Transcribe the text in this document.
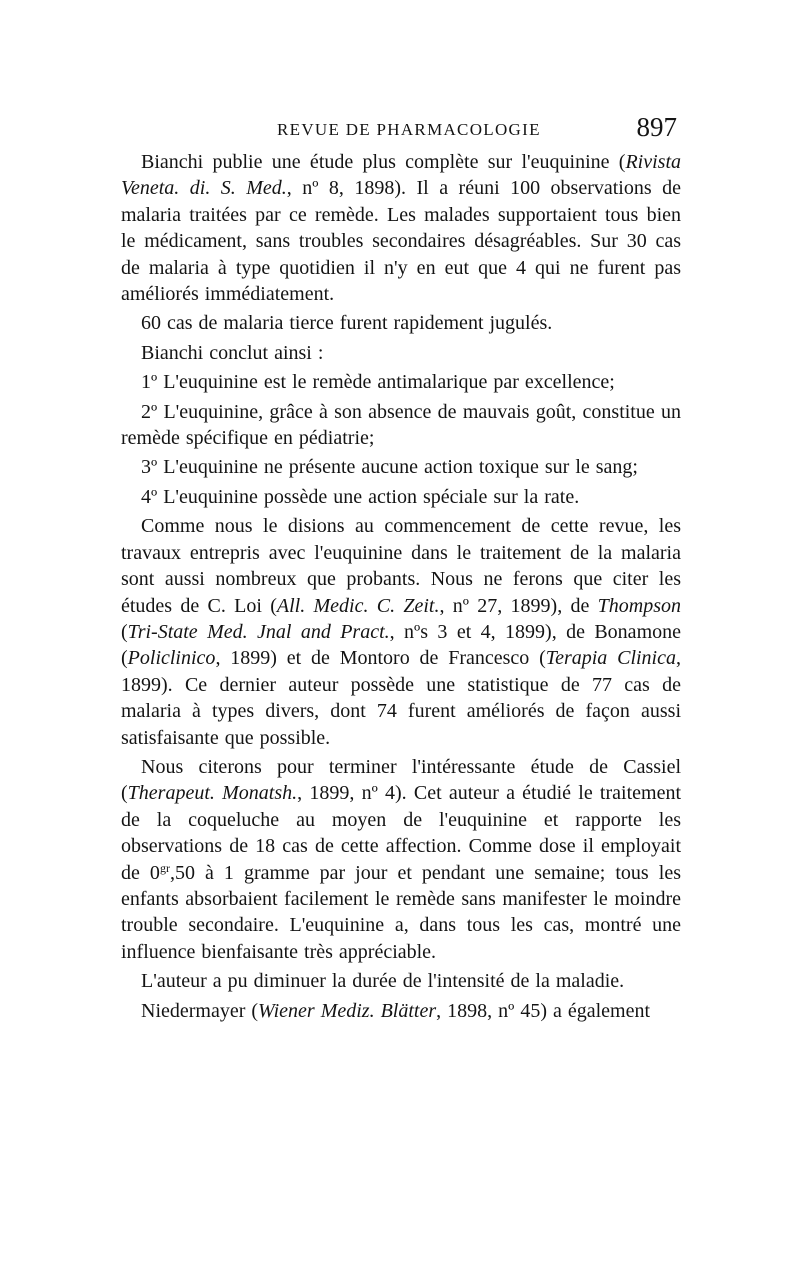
REVUE DE PHARMACOLOGIE	897

Bianchi publie une étude plus complète sur l'euquinine (Rivista Veneta. di. S. Med., nº 8, 1898). Il a réuni 100 observations de malaria traitées par ce remède. Les malades supportaient tous bien le médicament, sans troubles secondaires désagréables. Sur 30 cas de malaria à type quotidien il n'y en eut que 4 qui ne furent pas améliorés immédiatement.

60 cas de malaria tierce furent rapidement jugulés.

Bianchi conclut ainsi :

1º L'euquinine est le remède antimalarique par excellence;

2º L'euquinine, grâce à son absence de mauvais goût, constitue un remède spécifique en pédiatrie;

3º L'euquinine ne présente aucune action toxique sur le sang;

4º L'euquinine possède une action spéciale sur la rate.

Comme nous le disions au commencement de cette revue, les travaux entrepris avec l'euquinine dans le traitement de la malaria sont aussi nombreux que probants. Nous ne ferons que citer les études de C. Loi (All. Medic. C. Zeit., nº 27, 1899), de Thompson (Tri-State Med. Jnal and Pract., nºs 3 et 4, 1899), de Bonamone (Policlinico, 1899) et de Montoro de Francesco (Terapia Clinica, 1899). Ce dernier auteur possède une statistique de 77 cas de malaria à types divers, dont 74 furent améliorés de façon aussi satisfaisante que possible.

Nous citerons pour terminer l'intéressante étude de Cassiel (Therapeut. Monatsh., 1899, nº 4). Cet auteur a étudié le traitement de la coqueluche au moyen de l'euquinine et rapporte les observations de 18 cas de cette affection. Comme dose il employait de $0^{gr},50$ à 1 gramme par jour et pendant une semaine; tous les enfants absorbaient facilement le remède sans manifester le moindre trouble secondaire. L'euquinine a, dans tous les cas, montré une influence bienfaisante très appréciable.

L'auteur a pu diminuer la durée de l'intensité de la maladie.

Niedermayer (Wiener Mediz. Blätter, 1898, nº 45) a également
